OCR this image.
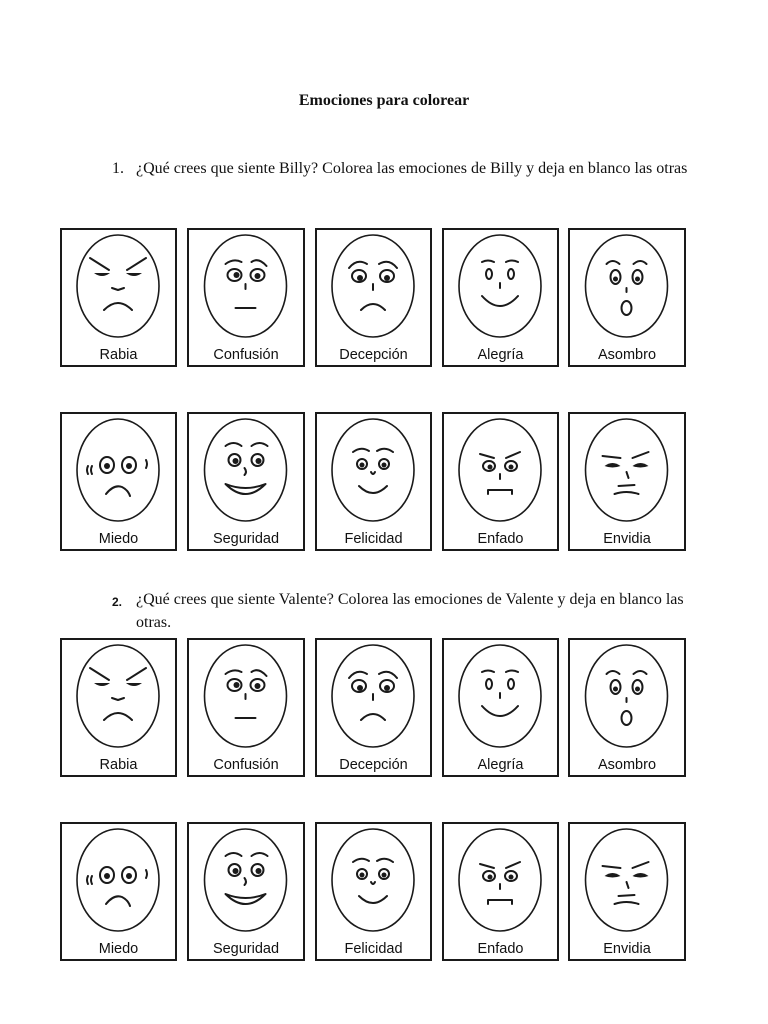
Emociones para colorear
1. ¿Qué crees que siente Billy? Colorea las emociones de Billy y deja en blanco las otras
2. ¿Qué crees que siente Valente? Colorea las emociones de Valente y deja en blanco las otras.
Rabia	Confusión	Decepción	Alegría	Asombro
Miedo	Seguridad	Felicidad	Enfado	Envidia
Rabia	Confusión	Decepción	Alegría	Asombro
Miedo	Seguridad	Felicidad	Enfado	Envidia
